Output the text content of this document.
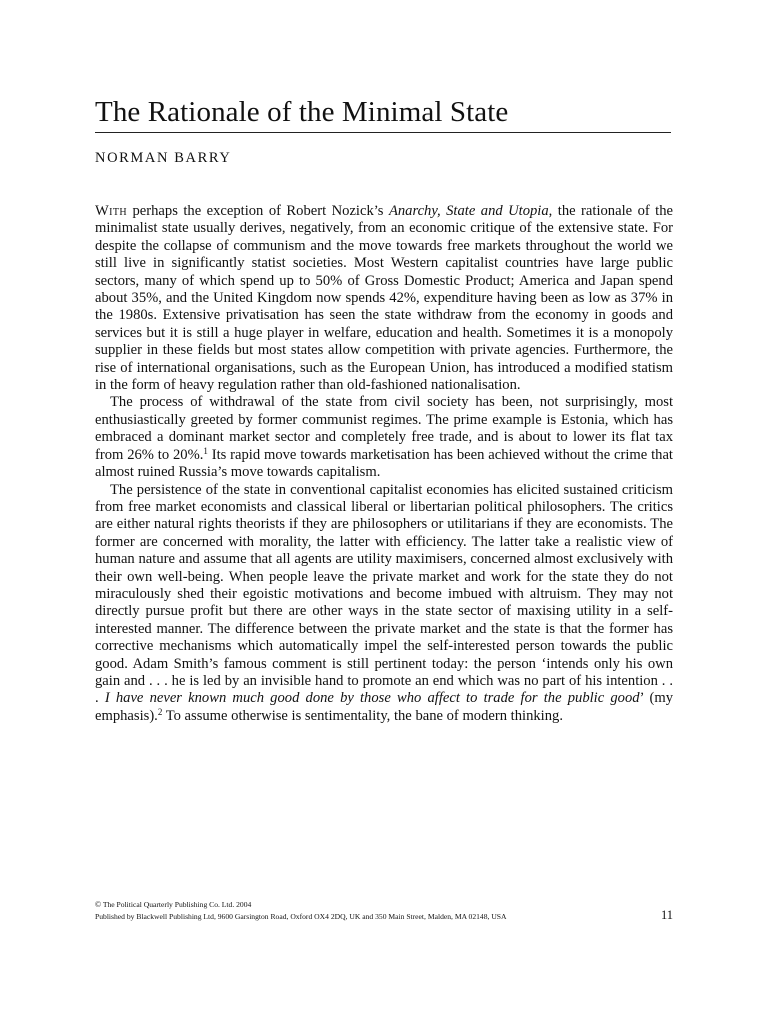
The Rationale of the Minimal State

NORMAN BARRY

With perhaps the exception of Robert Nozick’s Anarchy, State and Utopia, the rationale of the minimalist state usually derives, negatively, from an economic critique of the extensive state. For despite the collapse of communism and the move towards free markets throughout the world we still live in significantly statist societies. Most Western capitalist countries have large public sectors, many of which spend up to 50% of Gross Domestic Product; America and Japan spend about 35%, and the United Kingdom now spends 42%, expenditure having been as low as 37% in the 1980s. Extensive privatisation has seen the state withdraw from the economy in goods and services but it is still a huge player in welfare, education and health. Sometimes it is a monopoly supplier in these fields but most states allow competition with private agencies. Furthermore, the rise of international organisations, such as the European Union, has introduced a modified statism in the form of heavy regulation rather than old-fashioned nationalisation.

The process of withdrawal of the state from civil society has been, not surprisingly, most enthusiastically greeted by former communist regimes. The prime example is Estonia, which has embraced a dominant market sector and completely free trade, and is about to lower its flat tax from 26% to 20%.$^1$ Its rapid move towards marketisation has been achieved without the crime that almost ruined Russia’s move towards capitalism.

The persistence of the state in conventional capitalist economies has elicited sustained criticism from free market economists and classical liberal or libertarian political philosophers. The critics are either natural rights theorists if they are philosophers or utilitarians if they are economists. The former are concerned with morality, the latter with efficiency. The latter take a realistic view of human nature and assume that all agents are utility maximisers, concerned almost exclusively with their own well-being. When people leave the private market and work for the state they do not miraculously shed their egoistic motivations and become imbued with altruism. They may not directly pursue profit but there are other ways in the state sector of maxising utility in a self-interested manner. The difference between the private market and the state is that the former has corrective mechanisms which automatically impel the self-interested person towards the public good. Adam Smith’s famous comment is still pertinent today: the person ‘intends only his own gain and . . . he is led by an invisible hand to promote an end which was no part of his intention . . . I have never known much good done by those who affect to trade for the public good’ (my emphasis).$^2$ To assume otherwise is sentimentality, the bane of modern thinking.

© The Political Quarterly Publishing Co. Ltd. 2004
Published by Blackwell Publishing Ltd, 9600 Garsington Road, Oxford OX4 2DQ, UK and 350 Main Street, Malden, MA 02148, USA	11
